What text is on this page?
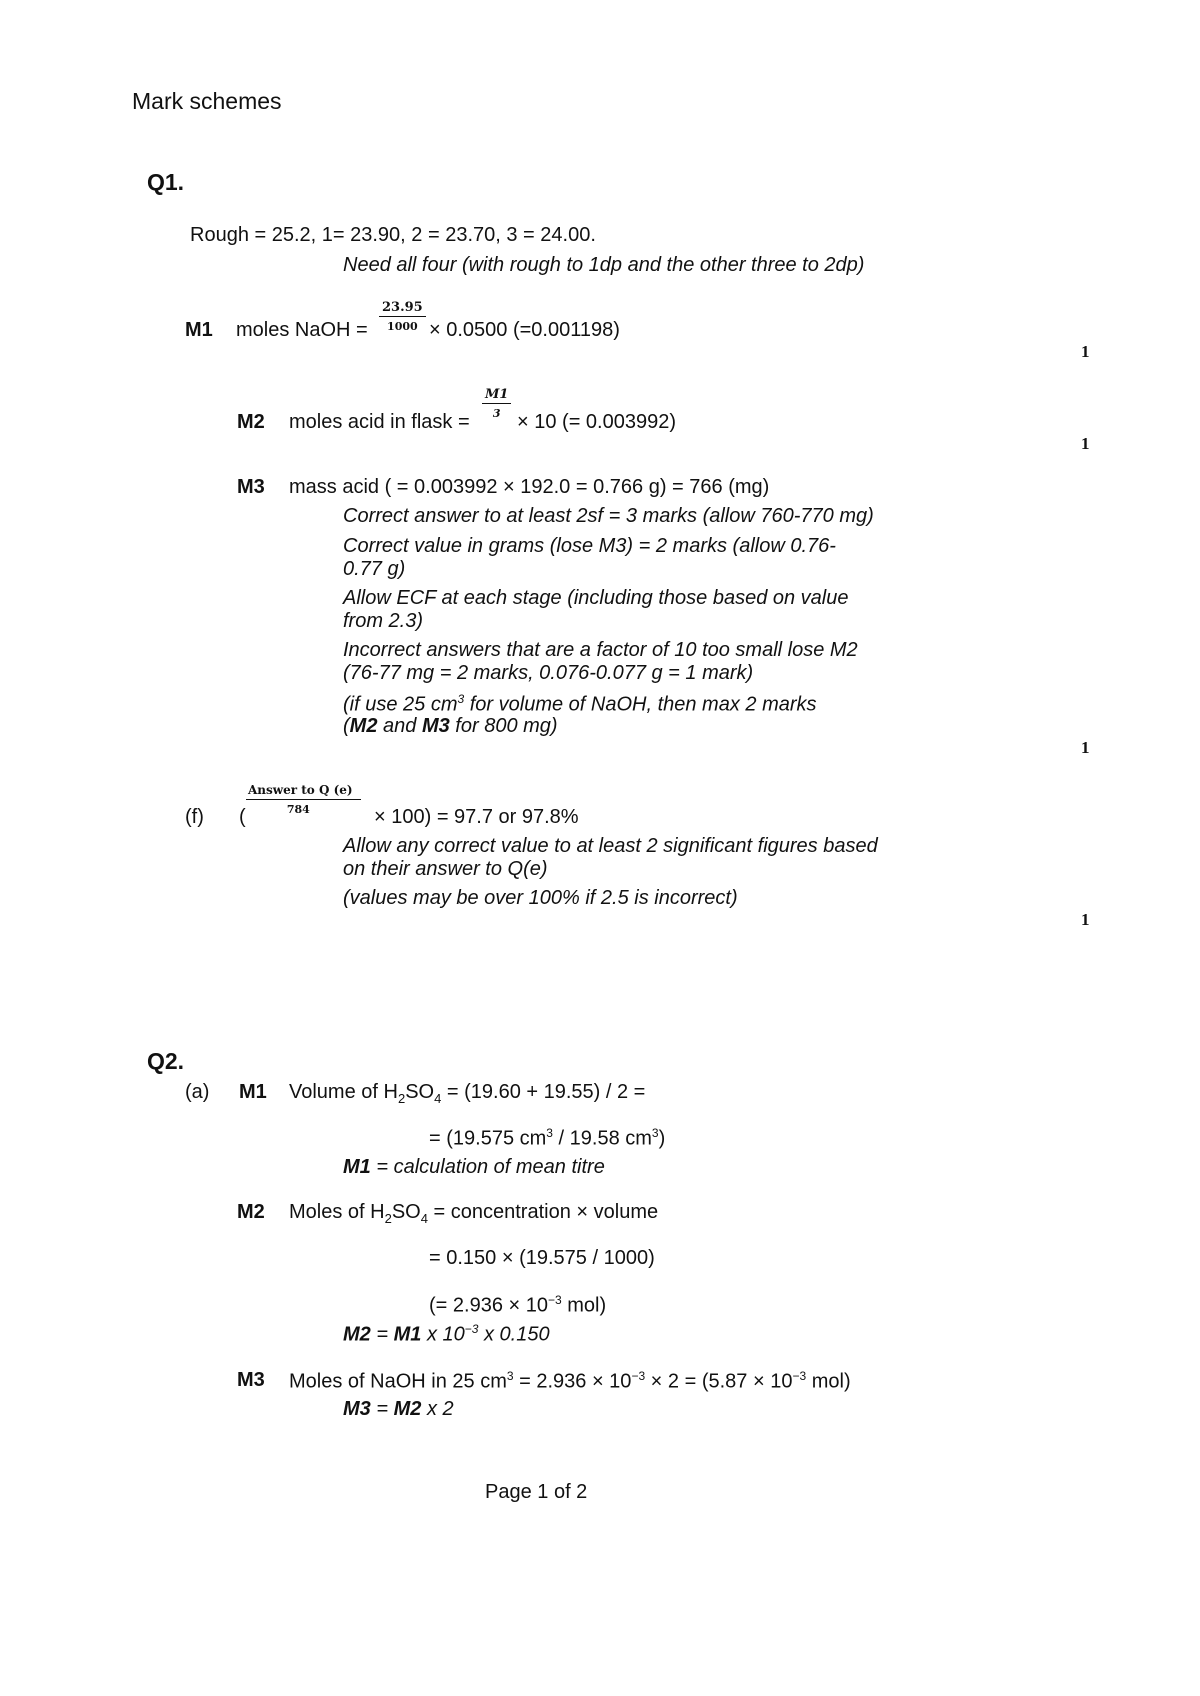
Mark schemes
Q1.
Rough = 25.2, 1= 23.90, 2 = 23.70, 3 = 24.00.
Need all four (with rough to 1dp and the other three to 2dp)
M1 moles NaOH =
23.95
1000 × 0.0500 (=0.001198)
1
M2 moles acid in flask =
M1
3 × 10 (= 0.003992)
1
M3 mass acid ( = 0.003992 × 192.0 = 0.766 g) = 766 (mg)
Correct answer to at least 2sf = 3 marks (allow 760-770 mg)
Correct value in grams (lose M3) = 2 marks (allow 0.76-
0.77 g)
Allow ECF at each stage (including those based on value
from 2.3)
Incorrect answers that are a factor of 10 too small lose M2
(76-77 mg = 2 marks, 0.076-0.077 g = 1 mark)
(if use 25 $cm^3$ for volume of NaOH, then max 2 marks
(M2 and M3 for 800 mg)
1
(f) (
Answer to Q (e)
784	× 100) = 97.7 or 97.8%
Allow any correct value to at least 2 significant figures based
on their answer to Q(e)
(values may be over 100% if 2.5 is incorrect)
1
Q2.
(a) M1 Volume of $H_2SO_4 = (19.60 + 19.55) / 2$ =
= (19.575 $cm^3 / 19.58$ $cm^3$)
M1 = calculation of mean titre
M2 Moles of $H_2SO_4$ = concentration × volume
= 0.150 × (19.575 / 1000)
(= $2.936 \times 10^{-3}$ mol)
M2 = M1 x $10^{-3}$ x 0.150
M3 Moles of NaOH in 25 $cm^3 = 2.936 \times 10^{-3} \times 2 = (5.87 \times 10^{-3}$ mol)
M3 = M2 x 2
Page 1 of 2
